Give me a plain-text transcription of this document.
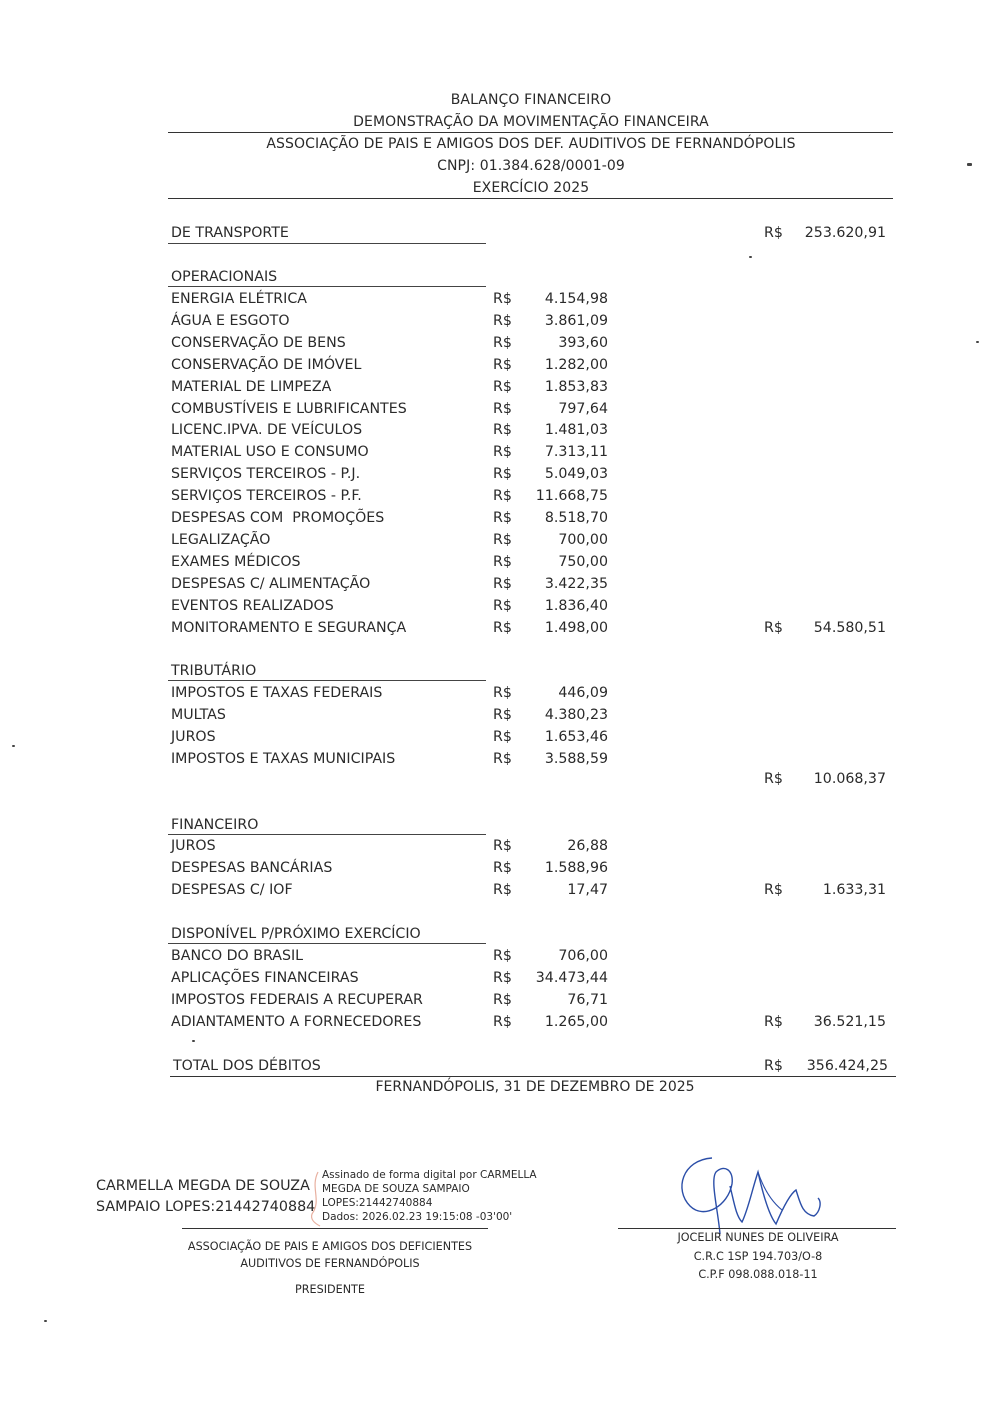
BALANÇO FINANCEIRO
DEMONSTRAÇÃO DA MOVIMENTAÇÃO FINANCEIRA
ASSOCIAÇÃO DE PAIS E AMIGOS DOS DEF. AUDITIVOS DE FERNANDÓPOLIS
CNPJ: 01.384.628/0001-09
EXERCÍCIO 2025
DE TRANSPORTE	R$ 253.620,91
OPERACIONAIS
ENERGIA ELÉTRICA	R$ 4.154,98
ÁGUA E ESGOTO	R$ 3.861,09
CONSERVAÇÃO DE BENS	R$	393,60
CONSERVAÇÃO DE IMÓVEL	R$ 1.282,00
MATERIAL DE LIMPEZA	R$ 1.853,83
COMBUSTÍVEIS E LUBRIFICANTES	R$	797,64
LICENC.IPVA. DE VEÍCULOS	R$ 1.481,03
MATERIAL USO E CONSUMO	R$ 7.313,11
SERVIÇOS TERCEIROS - P.J.	R$ 5.049,03
SERVIÇOS TERCEIROS - P.F.	R$ 11.668,75
DESPESAS COM  PROMOÇÕES	R$ 8.518,70
LEGALIZAÇÃO	R$	700,00
EXAMES MÉDICOS	R$	750,00
DESPESAS C/ ALIMENTAÇÃO	R$ 3.422,35
EVENTOS REALIZADOS	R$ 1.836,40
MONITORAMENTO E SEGURANÇA	R$ 1.498,00	R$ 54.580,51
TRIBUTÁRIO
IMPOSTOS E TAXAS FEDERAIS	R$	446,09
MULTAS	R$ 4.380,23
JUROS	R$ 1.653,46
IMPOSTOS E TAXAS MUNICIPAIS	R$ 3.588,59
R$ 10.068,37
FINANCEIRO
JUROS	R$	26,88
DESPESAS BANCÁRIAS	R$ 1.588,96
DESPESAS C/ IOF	R$	17,47	R$	1.633,31
DISPONÍVEL P/PRÓXIMO EXERCÍCIO
BANCO DO BRASIL	R$	706,00
APLICAÇÕES FINANCEIRAS	R$ 34.473,44
IMPOSTOS FEDERAIS A RECUPERAR	R$	76,71
ADIANTAMENTO A FORNECEDORES	R$ 1.265,00	R$ 36.521,15
TOTAL DOS DÉBITOS	R$ 356.424,25
FERNANDÓPOLIS, 31 DE DEZEMBRO DE 2025
CARMELLA MEGDA DE SOUZA
SAMPAIO LOPES:21442740884
Assinado de forma digital por CARMELLA
MEGDA DE SOUZA SAMPAIO
LOPES:21442740884
Dados: 2026.02.23 19:15:08 -03'00'
ASSOCIAÇÃO DE PAIS E AMIGOS DOS DEFICIENTES
AUDITIVOS DE FERNANDÓPOLIS
PRESIDENTE
JOCELIR NUNES DE OLIVEIRA
C.R.C 1SP 194.703/O-8
C.P.F 098.088.018-11
